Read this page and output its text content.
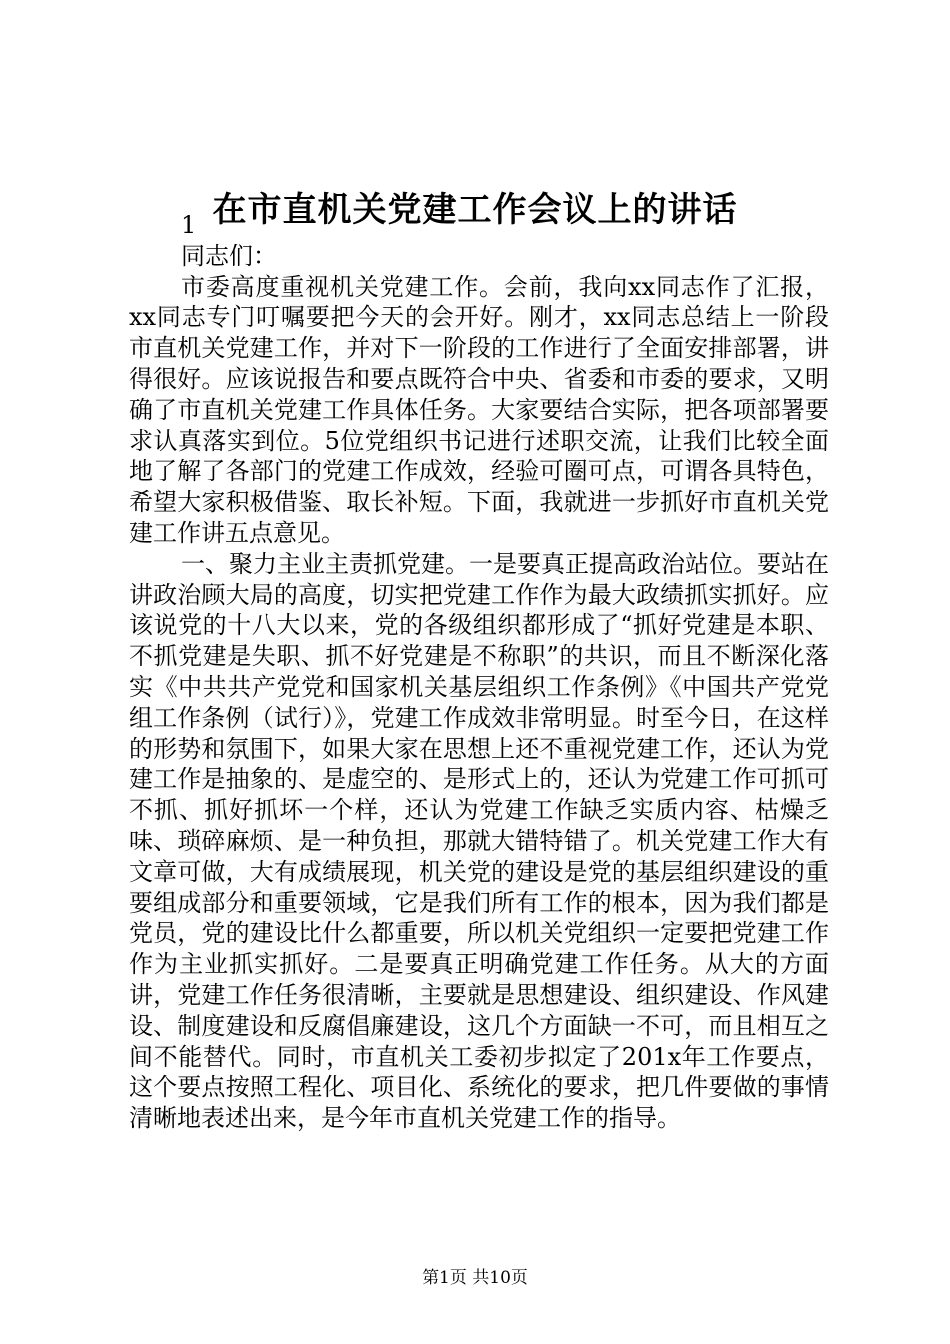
在市直机关党建工作会议上的讲话

1

同志们：

市委高度重视机关党建工作。会前，我向xx同志作了汇报，xx同志专门叮嘱要把今天的会开好。刚才，xx同志总结上一阶段市直机关党建工作，并对下一阶段的工作进行了全面安排部署，讲得很好。应该说报告和要点既符合中央、省委和市委的要求，又明确了市直机关党建工作具体任务。大家要结合实际，把各项部署要求认真落实到位。5位党组织书记进行述职交流，让我们比较全面地了解了各部门的党建工作成效，经验可圈可点，可谓各具特色，希望大家积极借鉴、取长补短。下面，我就进一步抓好市直机关党建工作讲五点意见。

一、聚力主业主责抓党建。一是要真正提高政治站位。要站在讲政治顾大局的高度，切实把党建工作作为最大政绩抓实抓好。应该说党的十八大以来，党的各级组织都形成了“抓好党建是本职、不抓党建是失职、抓不好党建是不称职”的共识，而且不断深化落实《中共共产党党和国家机关基层组织工作条例》《中国共产党党组工作条例（试行）》，党建工作成效非常明显。时至今日，在这样的形势和氛围下，如果大家在思想上还不重视党建工作，还认为党建工作是抽象的、是虚空的、是形式上的，还认为党建工作可抓可不抓、抓好抓坏一个样，还认为党建工作缺乏实质内容、枯燥乏味、琐碎麻烦、是一种负担，那就大错特错了。机关党建工作大有文章可做，大有成绩展现，机关党的建设是党的基层组织建设的重要组成部分和重要领域，它是我们所有工作的根本，因为我们都是党员，党的建设比什么都重要，所以机关党组织一定要把党建工作作为主业抓实抓好。二是要真正明确党建工作任务。从大的方面讲，党建工作任务很清晰，主要就是思想建设、组织建设、作风建设、制度建设和反腐倡廉建设，这几个方面缺一不可，而且相互之间不能替代。同时，市直机关工委初步拟定了201x年工作要点，这个要点按照工程化、项目化、系统化的要求，把几件要做的事情清晰地表述出来，是今年市直机关党建工作的指导。

第1页 共10页
